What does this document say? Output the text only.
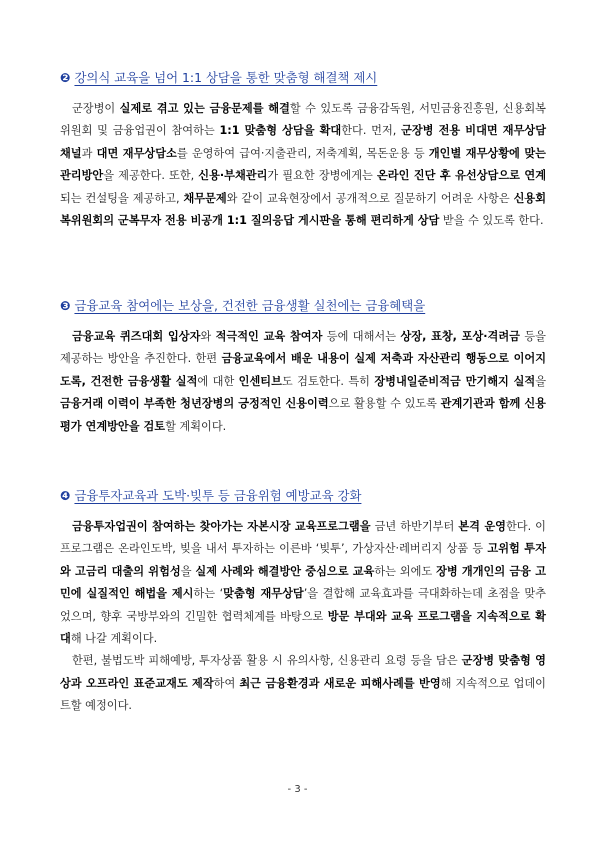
❷ 강의식 교육을 넘어 1:1 상담을 통한 맞춤형 해결책 제시

군장병이 실제로 겪고 있는 금융문제를 해결할 수 있도록 금융감독원, 서민금융진흥원, 신용회복위원회 및 금융업권이 참여하는 1:1 맞춤형 상담을 확대한다. 먼저, 군장병 전용 비대면 재무상담 채널과 대면 재무상담소를 운영하여 급여·지출관리, 저축계획, 목돈운용 등 개인별 재무상황에 맞는 관리방안을 제공한다. 또한, 신용·부채관리가 필요한 장병에게는 온라인 진단 후 유선상담으로 연계되는 컨설팅을 제공하고, 채무문제와 같이 교육현장에서 공개적으로 질문하기 어려운 사항은 신용회복위원회의 군복무자 전용 비공개 1:1 질의응답 게시판을 통해 편리하게 상담 받을 수 있도록 한다.

❸ 금융교육 참여에는 보상을, 건전한 금융생활 실천에는 금융혜택을

금융교육 퀴즈대회 입상자와 적극적인 교육 참여자 등에 대해서는 상장, 표창, 포상·격려금 등을 제공하는 방안을 추진한다. 한편 금융교육에서 배운 내용이 실제 저축과 자산관리 행동으로 이어지도록, 건전한 금융생활 실적에 대한 인센티브도 검토한다. 특히 장병내일준비적금 만기해지 실적을 금융거래 이력이 부족한 청년장병의 긍정적인 신용이력으로 활용할 수 있도록 관계기관과 함께 신용평가 연계방안을 검토할 계획이다.

❹ 금융투자교육과 도박·빚투 등 금융위험 예방교육 강화

금융투자업권이 참여하는 찾아가는 자본시장 교육프로그램을 금년 하반기부터 본격 운영한다. 이 프로그램은 온라인도박, 빚을 내서 투자하는 이른바 ‘빚투’, 가상자산·레버리지 상품 등 고위험 투자와 고금리 대출의 위험성을 실제 사례와 해결방안 중심으로 교육하는 외에도 장병 개개인의 금융 고민에 실질적인 해법을 제시하는 ‘맞춤형 재무상담’을 결합해 교육효과를 극대화하는데 초점을 맞추었으며, 향후 국방부와의 긴밀한 협력체계를 바탕으로 방문 부대와 교육 프로그램을 지속적으로 확대해 나갈 계획이다.

한편, 불법도박 피해예방, 투자상품 활용 시 유의사항, 신용관리 요령 등을 담은 군장병 맞춤형 영상과 오프라인 표준교재도 제작하여 최근 금융환경과 새로운 피해사례를 반영해 지속적으로 업데이트할 예정이다.

- 3 -
